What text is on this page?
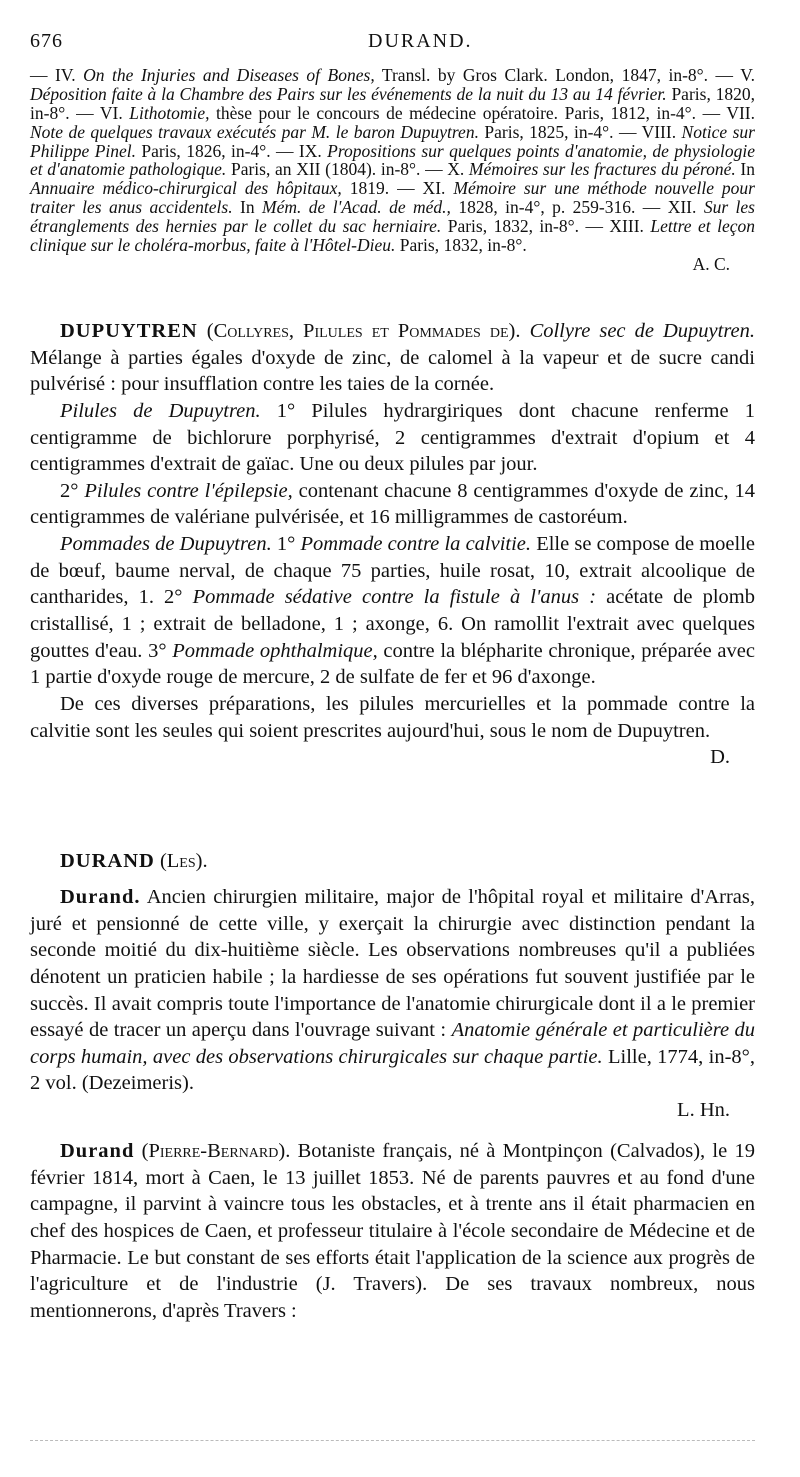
676	DURAND.

— IV. On the Injuries and Diseases of Bones, Transl. by Gros Clark. London, 1847, in-8°. — V. Déposition faite à la Chambre des Pairs sur les événements de la nuit du 13 au 14 février. Paris, 1820, in-8°. — VI. Lithotomie, thèse pour le concours de médecine opératoire. Paris, 1812, in-4°. — VII. Note de quelques travaux exécutés par M. le baron Dupuytren. Paris, 1825, in-4°. — VIII. Notice sur Philippe Pinel. Paris, 1826, in-4°. — IX. Propositions sur quelques points d'anatomie, de physiologie et d'anatomie pathologique. Paris, an XII (1804). in-8°. — X. Mémoires sur les fractures du péroné. In Annuaire médico-chirurgical des hôpitaux, 1819. — XI. Mémoire sur une méthode nouvelle pour traiter les anus accidentels. In Mém. de l'Acad. de méd., 1828, in-4°, p. 259-316. — XII. Sur les étranglements des hernies par le collet du sac herniaire. Paris, 1832, in-8°. — XIII. Lettre et leçon clinique sur le choléra-morbus, faite à l'Hôtel-Dieu. Paris, 1832, in-8°.

A. C.

DUPUYTREN (Collyres, Pilules et Pommades de). Collyre sec de Dupuytren. Mélange à parties égales d'oxyde de zinc, de calomel à la vapeur et de sucre candi pulvérisé : pour insufflation contre les taies de la cornée.

Pilules de Dupuytren. 1° Pilules hydrargiriques dont chacune renferme 1 centigramme de bichlorure porphyrisé, 2 centigrammes d'extrait d'opium et 4 centigrammes d'extrait de gaïac. Une ou deux pilules par jour.

2° Pilules contre l'épilepsie, contenant chacune 8 centigrammes d'oxyde de zinc, 14 centigrammes de valériane pulvérisée, et 16 milligrammes de castoréum.

Pommades de Dupuytren. 1° Pommade contre la calvitie. Elle se compose de moelle de bœuf, baume nerval, de chaque 75 parties, huile rosat, 10, extrait alcoolique de cantharides, 1. 2° Pommade sédative contre la fistule à l'anus : acétate de plomb cristallisé, 1 ; extrait de belladone, 1 ; axonge, 6. On ramollit l'extrait avec quelques gouttes d'eau. 3° Pommade ophthalmique, contre la blépharite chronique, préparée avec 1 partie d'oxyde rouge de mercure, 2 de sulfate de fer et 96 d'axonge.

De ces diverses préparations, les pilules mercurielles et la pommade contre la calvitie sont les seules qui soient prescrites aujourd'hui, sous le nom de Dupuytren.

D.

DURAND (Les).

Durand. Ancien chirurgien militaire, major de l'hôpital royal et militaire d'Arras, juré et pensionné de cette ville, y exerçait la chirurgie avec distinction pendant la seconde moitié du dix-huitième siècle. Les observations nombreuses qu'il a publiées dénotent un praticien habile ; la hardiesse de ses opérations fut souvent justifiée par le succès. Il avait compris toute l'importance de l'anatomie chirurgicale dont il a le premier essayé de tracer un aperçu dans l'ouvrage suivant : Anatomie générale et particulière du corps humain, avec des observations chirurgicales sur chaque partie. Lille, 1774, in-8°, 2 vol. (Dezeimeris).

L. Hn.

Durand (Pierre-Bernard). Botaniste français, né à Montpinçon (Calvados), le 19 février 1814, mort à Caen, le 13 juillet 1853. Né de parents pauvres et au fond d'une campagne, il parvint à vaincre tous les obstacles, et à trente ans il était pharmacien en chef des hospices de Caen, et professeur titulaire à l'école secondaire de Médecine et de Pharmacie. Le but constant de ses efforts était l'application de la science aux progrès de l'agriculture et de l'industrie (J. Travers). De ses travaux nombreux, nous mentionnerons, d'après Travers :
